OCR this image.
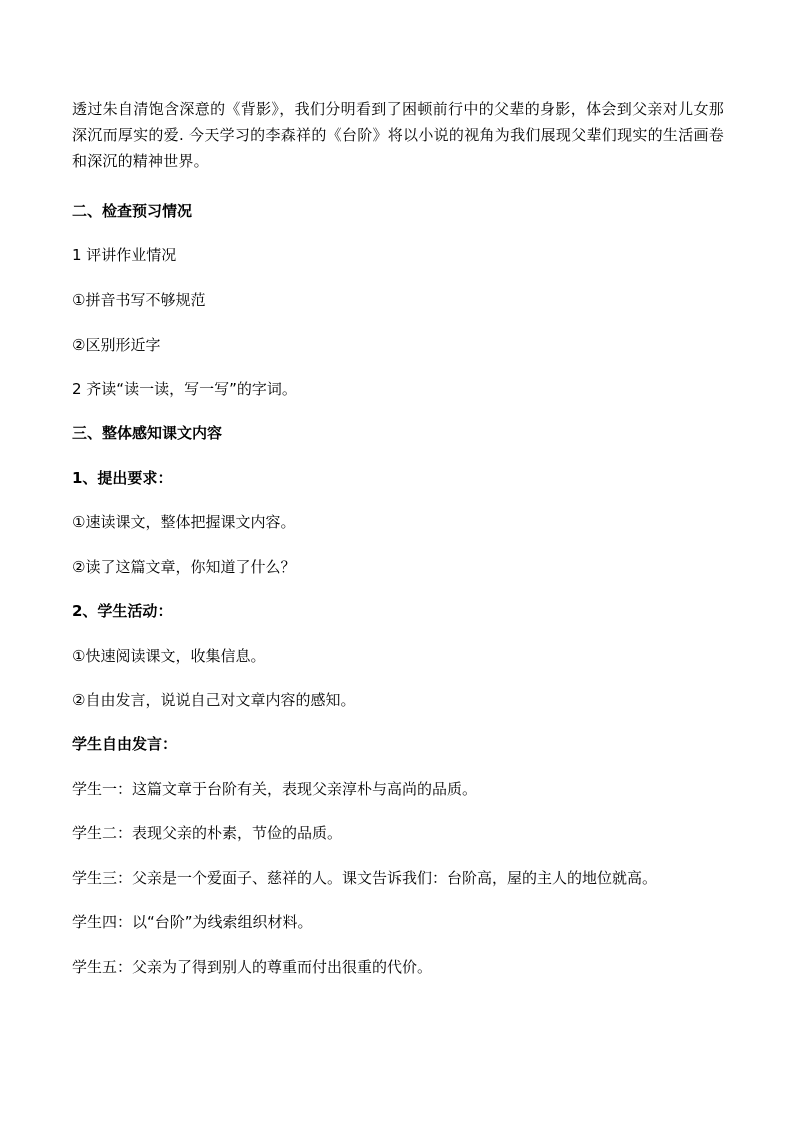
透过朱自清饱含深意的《背影》，我们分明看到了困顿前行中的父辈的身影，体会到父亲对儿女那深沉而厚实的爱. 今天学习的李森祥的《台阶》将以小说的视角为我们展现父辈们现实的生活画卷和深沉的精神世界。

二、检查预习情况

1 评讲作业情况

①拼音书写不够规范

②区别形近字

2 齐读“读一读，写一写”的字词。

三、整体感知课文内容

1、提出要求：

①速读课文，整体把握课文内容。

②读了这篇文章，你知道了什么？

2、学生活动：

①快速阅读课文，收集信息。

②自由发言，说说自己对文章内容的感知。

学生自由发言：

学生一：这篇文章于台阶有关，表现父亲淳朴与高尚的品质。

学生二：表现父亲的朴素，节俭的品质。

学生三：父亲是一个爱面子、慈祥的人。课文告诉我们：台阶高，屋的主人的地位就高。

学生四：以“台阶”为线索组织材料。

学生五：父亲为了得到别人的尊重而付出很重的代价。
